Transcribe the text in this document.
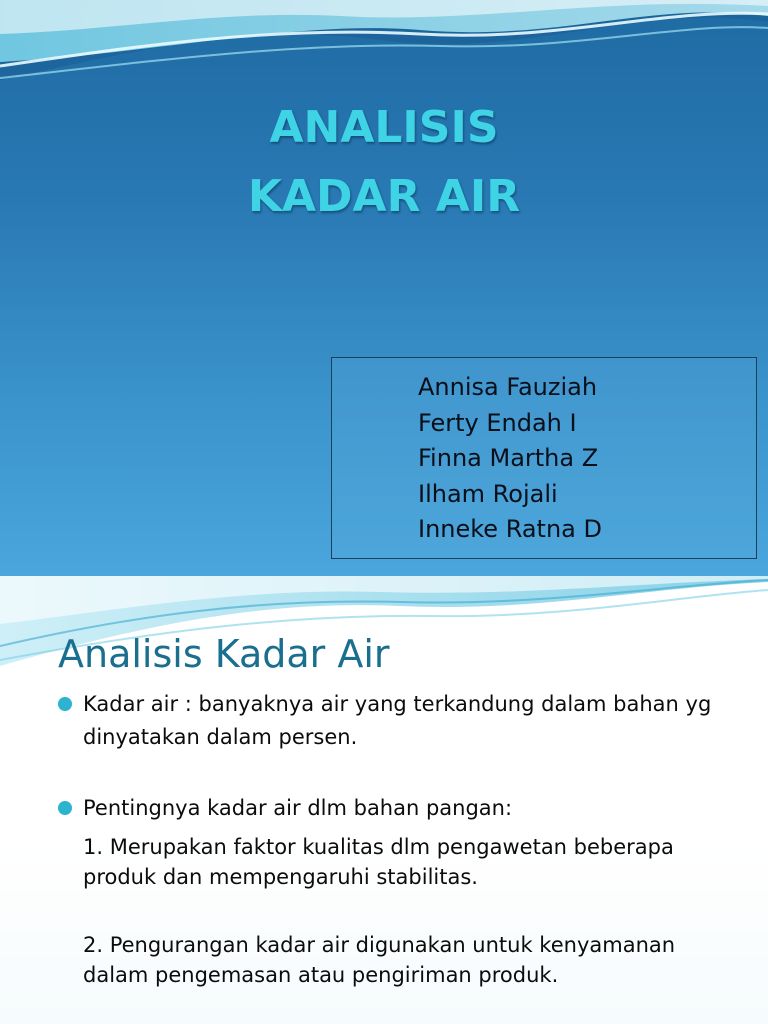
ANALISIS
KADAR AIR
Annisa Fauziah
Ferty Endah I
Finna Martha Z
Ilham Rojali
Inneke Ratna D
Analisis Kadar Air
Kadar air : banyaknya air yang terkandung dalam bahan yg dinyatakan dalam persen.
Pentingnya kadar air dlm bahan pangan:
1. Merupakan faktor kualitas dlm pengawetan beberapa produk dan mempengaruhi stabilitas.
2. Pengurangan kadar air digunakan untuk kenyamanan dalam pengemasan atau pengiriman produk.
